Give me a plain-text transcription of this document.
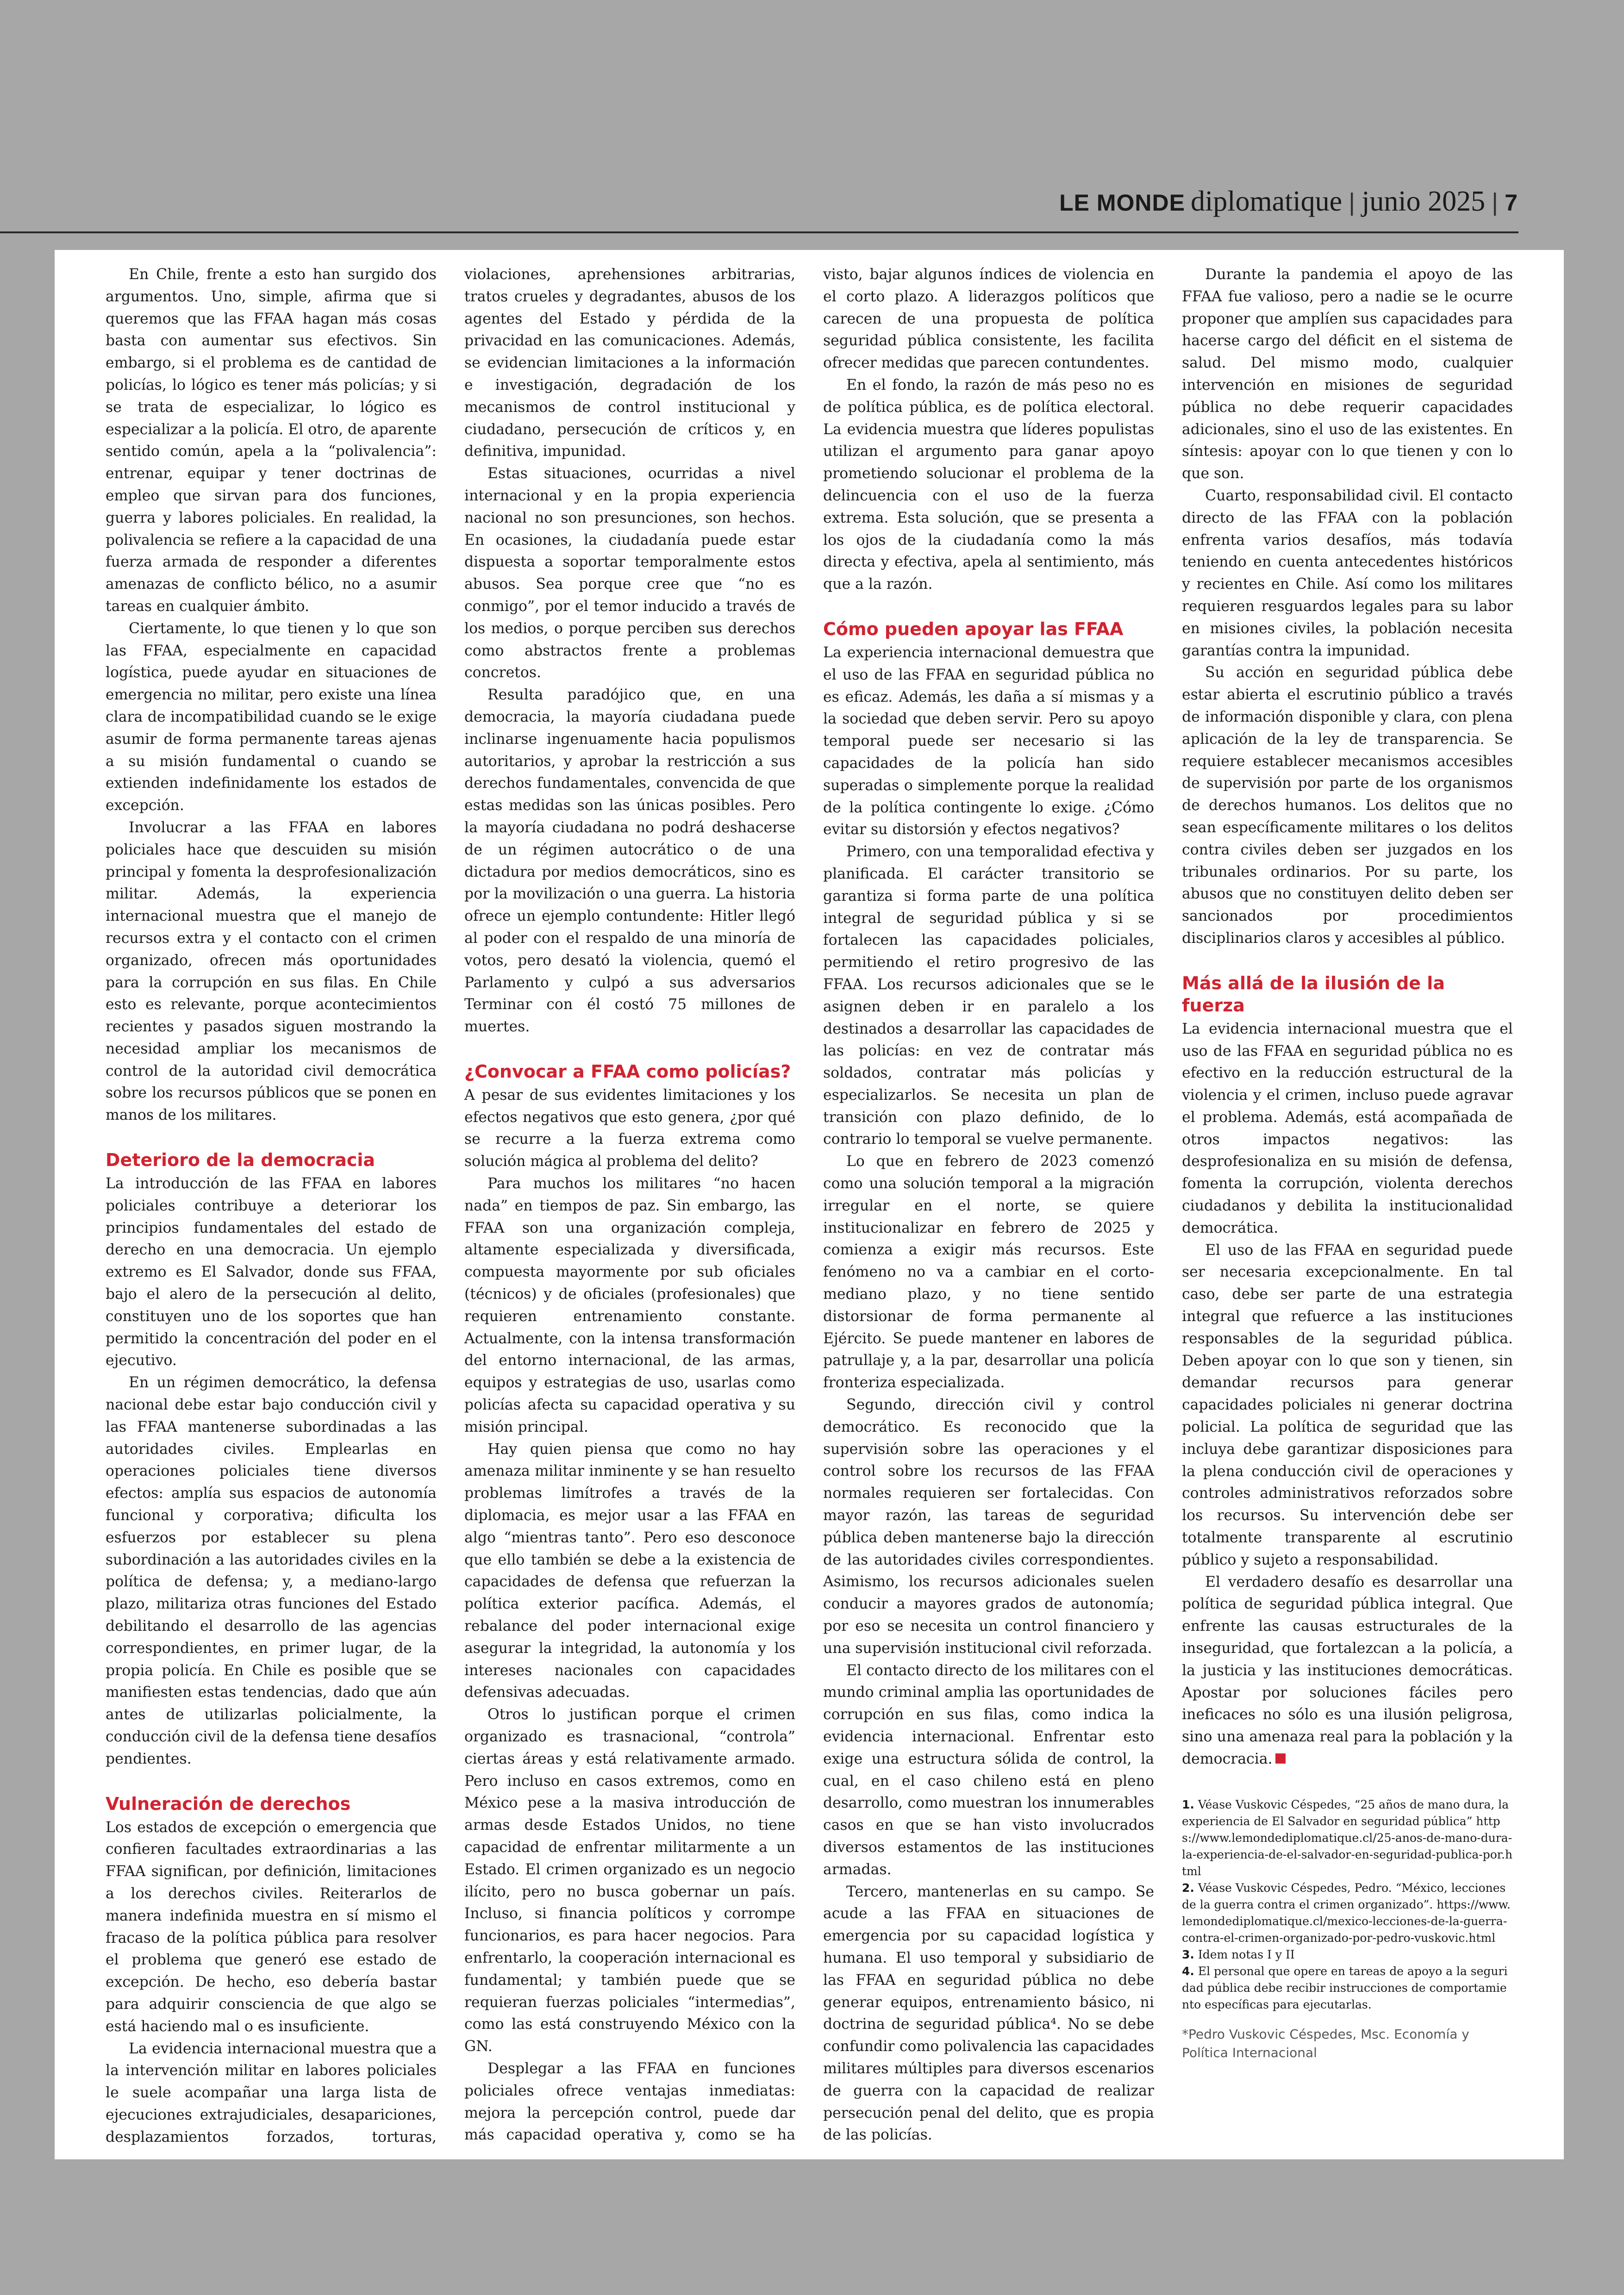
LE MONDE diplomatique | junio 2025 | 7

En Chile, frente a esto han surgido dos argumentos. Uno, simple, afirma que si queremos que las FFAA hagan más cosas basta con aumentar sus efectivos. Sin embargo, si el problema es de cantidad de policías, lo lógico es tener más policías; y si se trata de especializar, lo lógico es especializar a la policía. El otro, de aparente sentido común, apela a la “polivalencia”: entrenar, equipar y tener doctrinas de empleo que sirvan para dos funciones, guerra y labores policiales. En realidad, la polivalencia se refiere a la capacidad de una fuerza armada de responder a diferentes amenazas de conflicto bélico, no a asumir tareas en cualquier ámbito.

Ciertamente, lo que tienen y lo que son las FFAA, especialmente en capacidad logística, puede ayudar en situaciones de emergencia no militar, pero existe una línea clara de incompatibilidad cuando se le exige asumir de forma permanente tareas ajenas a su misión fundamental o cuando se extienden indefinidamente los estados de excepción.

Involucrar a las FFAA en labores policiales hace que descuiden su misión principal y fomenta la desprofesionalización militar. Además, la experiencia internacional muestra que el manejo de recursos extra y el contacto con el crimen organizado, ofrecen más oportunidades para la corrupción en sus filas. En Chile esto es relevante, porque acontecimientos recientes y pasados siguen mostrando la necesidad ampliar los mecanismos de control de la autoridad civil democrática sobre los recursos públicos que se ponen en manos de los militares.

Deterioro de la democracia

La introducción de las FFAA en labores policiales contribuye a deteriorar los principios fundamentales del estado de derecho en una democracia. Un ejemplo extremo es El Salvador, donde sus FFAA, bajo el alero de la persecución al delito, constituyen uno de los soportes que han permitido la concentración del poder en el ejecutivo.

En un régimen democrático, la defensa nacional debe estar bajo conducción civil y las FFAA mantenerse subordinadas a las autoridades civiles. Emplearlas en operaciones policiales tiene diversos efectos: amplía sus espacios de autonomía funcional y corporativa; dificulta los esfuerzos por establecer su plena subordinación a las autoridades civiles en la política de defensa; y, a mediano-largo plazo, militariza otras funciones del Estado debilitando el desarrollo de las agencias correspondientes, en primer lugar, de la propia policía. En Chile es posible que se manifiesten estas tendencias, dado que aún antes de utilizarlas policialmente, la conducción civil de la defensa tiene desafíos pendientes.

Vulneración de derechos

Los estados de excepción o emergencia que confieren facultades extraordinarias a las FFAA significan, por definición, limitaciones a los derechos civiles. Reiterarlos de manera indefinida muestra en sí mismo el fracaso de la política pública para resolver el problema que generó ese estado de excepción. De hecho, eso debería bastar para adquirir consciencia de que algo se está haciendo mal o es insuficiente.

La evidencia internacional muestra que a la intervención militar en labores policiales le suele acompañar una larga lista de ejecuciones extrajudiciales, desapariciones, desplazamientos forzados, torturas, violaciones, aprehensiones arbitrarias, tratos crueles y degradantes, abusos de los agentes del Estado y pérdida de la privacidad en las comunicaciones. Además, se evidencian limitaciones a la información e investigación, degradación de los mecanismos de control institucional y ciudadano, persecución de críticos y, en definitiva, impunidad.

Estas situaciones, ocurridas a nivel internacional y en la propia experiencia nacional no son presunciones, son hechos. En ocasiones, la ciudadanía puede estar dispuesta a soportar temporalmente estos abusos. Sea porque cree que “no es conmigo”, por el temor inducido a través de los medios, o porque perciben sus derechos como abstractos frente a problemas concretos.

Resulta paradójico que, en una democracia, la mayoría ciudadana puede inclinarse ingenuamente hacia populismos autoritarios, y aprobar la restricción a sus derechos fundamentales, convencida de que estas medidas son las únicas posibles. Pero la mayoría ciudadana no podrá deshacerse de un régimen autocrático o de una dictadura por medios democráticos, sino es por la movilización o una guerra. La historia ofrece un ejemplo contundente: Hitler llegó al poder con el respaldo de una minoría de votos, pero desató la violencia, quemó el Parlamento y culpó a sus adversarios Terminar con él costó 75 millones de muertes.

¿Convocar a FFAA como policías?

A pesar de sus evidentes limitaciones y los efectos negativos que esto genera, ¿por qué se recurre a la fuerza extrema como solución mágica al problema del delito?

Para muchos los militares “no hacen nada” en tiempos de paz. Sin embargo, las FFAA son una organización compleja, altamente especializada y diversificada, compuesta mayormente por sub oficiales (técnicos) y de oficiales (profesionales) que requieren entrenamiento constante. Actualmente, con la intensa transformación del entorno internacional, de las armas, equipos y estrategias de uso, usarlas como policías afecta su capacidad operativa y su misión principal.

Hay quien piensa que como no hay amenaza militar inminente y se han resuelto problemas limítrofes a través de la diplomacia, es mejor usar a las FFAA en algo “mientras tanto”. Pero eso desconoce que ello también se debe a la existencia de capacidades de defensa que refuerzan la política exterior pacífica. Además, el rebalance del poder internacional exige asegurar la integridad, la autonomía y los intereses nacionales con capacidades defensivas adecuadas.

Otros lo justifican porque el crimen organizado es trasnacional, “controla” ciertas áreas y está relativamente armado. Pero incluso en casos extremos, como en México pese a la masiva introducción de armas desde Estados Unidos, no tiene capacidad de enfrentar militarmente a un Estado. El crimen organizado es un negocio ilícito, pero no busca gobernar un país. Incluso, si financia políticos y corrompe funcionarios, es para hacer negocios. Para enfrentarlo, la cooperación internacional es fundamental; y también puede que se requieran fuerzas policiales “intermedias”, como las está construyendo México con la GN.

Desplegar a las FFAA en funciones policiales ofrece ventajas inmediatas: mejora la percepción control, puede dar más capacidad operativa y, como se ha visto, bajar algunos índices de violencia en el corto plazo. A liderazgos políticos que carecen de una propuesta de política seguridad pública consistente, les facilita ofrecer medidas que parecen contundentes.

En el fondo, la razón de más peso no es de política pública, es de política electoral. La evidencia muestra que líderes populistas utilizan el argumento para ganar apoyo prometiendo solucionar el problema de la delincuencia con el uso de la fuerza extrema. Esta solución, que se presenta a los ojos de la ciudadanía como la más directa y efectiva, apela al sentimiento, más que a la razón.

Cómo pueden apoyar las FFAA

La experiencia internacional demuestra que el uso de las FFAA en seguridad pública no es eficaz. Además, les daña a sí mismas y a la sociedad que deben servir. Pero su apoyo temporal puede ser necesario si las capacidades de la policía han sido superadas o simplemente porque la realidad de la política contingente lo exige. ¿Cómo evitar su distorsión y efectos negativos?

Primero, con una temporalidad efectiva y planificada. El carácter transitorio se garantiza si forma parte de una política integral de seguridad pública y si se fortalecen las capacidades policiales, permitiendo el retiro progresivo de las FFAA. Los recursos adicionales que se le asignen deben ir en paralelo a los destinados a desarrollar las capacidades de las policías: en vez de contratar más soldados, contratar más policías y especializarlos. Se necesita un plan de transición con plazo definido, de lo contrario lo temporal se vuelve permanente.

Lo que en febrero de 2023 comenzó como una solución temporal a la migración irregular en el norte, se quiere institucionalizar en febrero de 2025 y comienza a exigir más recursos. Este fenómeno no va a cambiar en el corto-mediano plazo, y no tiene sentido distorsionar de forma permanente al Ejército. Se puede mantener en labores de patrullaje y, a la par, desarrollar una policía fronteriza especializada.

Segundo, dirección civil y control democrático. Es reconocido que la supervisión sobre las operaciones y el control sobre los recursos de las FFAA normales requieren ser fortalecidas. Con mayor razón, las tareas de seguridad pública deben mantenerse bajo la dirección de las autoridades civiles correspondientes. Asimismo, los recursos adicionales suelen conducir a mayores grados de autonomía; por eso se necesita un control financiero y una supervisión institucional civil reforzada.

El contacto directo de los militares con el mundo criminal amplia las oportunidades de corrupción en sus filas, como indica la evidencia internacional. Enfrentar esto exige una estructura sólida de control, la cual, en el caso chileno está en pleno desarrollo, como muestran los innumerables casos en que se han visto involucrados diversos estamentos de las instituciones armadas.

Tercero, mantenerlas en su campo. Se acude a las FFAA en situaciones de emergencia por su capacidad logística y humana. El uso temporal y subsidiario de las FFAA en seguridad pública no debe generar equipos, entrenamiento básico, ni doctrina de seguridad pública⁴. No se debe confundir como polivalencia las capacidades militares múltiples para diversos escenarios de guerra con la capacidad de realizar persecución penal del delito, que es propia de las policías.

Durante la pandemia el apoyo de las FFAA fue valioso, pero a nadie se le ocurre proponer que amplíen sus capacidades para hacerse cargo del déficit en el sistema de salud. Del mismo modo, cualquier intervención en misiones de seguridad pública no debe requerir capacidades adicionales, sino el uso de las existentes. En síntesis: apoyar con lo que tienen y con lo que son.

Cuarto, responsabilidad civil. El contacto directo de las FFAA con la población enfrenta varios desafíos, más todavía teniendo en cuenta antecedentes históricos y recientes en Chile. Así como los militares requieren resguardos legales para su labor en misiones civiles, la población necesita garantías contra la impunidad.

Su acción en seguridad pública debe estar abierta el escrutinio público a través de información disponible y clara, con plena aplicación de la ley de transparencia. Se requiere establecer mecanismos accesibles de supervisión por parte de los organismos de derechos humanos. Los delitos que no sean específicamente militares o los delitos contra civiles deben ser juzgados en los tribunales ordinarios. Por su parte, los abusos que no constituyen delito deben ser sancionados por procedimientos disciplinarios claros y accesibles al público.

Más allá de la ilusión de la fuerza

La evidencia internacional muestra que el uso de las FFAA en seguridad pública no es efectivo en la reducción estructural de la violencia y el crimen, incluso puede agravar el problema. Además, está acompañada de otros impactos negativos: las desprofesionaliza en su misión de defensa, fomenta la corrupción, violenta derechos ciudadanos y debilita la institucionalidad democrática.

El uso de las FFAA en seguridad puede ser necesaria excepcionalmente. En tal caso, debe ser parte de una estrategia integral que refuerce a las instituciones responsables de la seguridad pública. Deben apoyar con lo que son y tienen, sin demandar recursos para generar capacidades policiales ni generar doctrina policial. La política de seguridad que las incluya debe garantizar disposiciones para la plena conducción civil de operaciones y controles administrativos reforzados sobre los recursos. Su intervención debe ser totalmente transparente al escrutinio público y sujeto a responsabilidad.

El verdadero desafío es desarrollar una política de seguridad pública integral. Que enfrente las causas estructurales de la inseguridad, que fortalezcan a la policía, a la justicia y las instituciones democráticas. Apostar por soluciones fáciles pero ineficaces no sólo es una ilusión peligrosa, sino una amenaza real para la población y la democracia.

1. Véase Vuskovic Céspedes, “25 años de mano dura, la experiencia de El Salvador en seguridad pública” https://www.lemondediplomatique.cl/25-anos-de-mano-dura-la-experiencia-de-el-salvador-en-seguridad-publica-por.html

2. Véase Vuskovic Céspedes, Pedro. “México, lecciones de la guerra contra el crimen organizado”. https://www.lemondediplomatique.cl/mexico-lecciones-de-la-guerra-contra-el-crimen-organizado-por-pedro-vuskovic.html

3. Idem notas I y II

4. El personal que opere en tareas de apoyo a la seguridad pública debe recibir instrucciones de comportamiento específicas para ejecutarlas.

*Pedro Vuskovic Céspedes, Msc. Economía y Política Internacional
